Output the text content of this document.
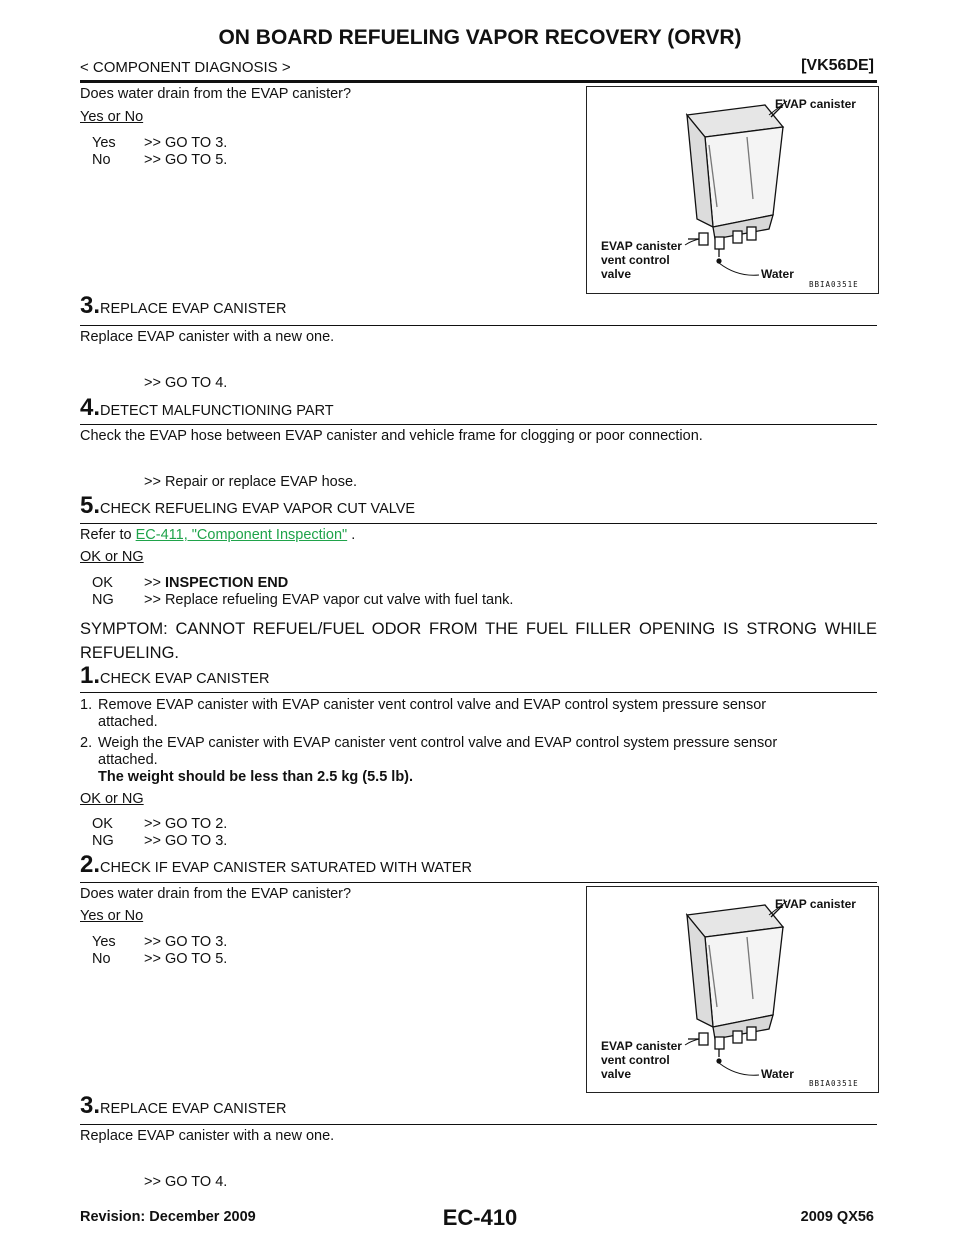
ON BOARD REFUELING VAPOR RECOVERY (ORVR)
< COMPONENT DIAGNOSIS >	[VK56DE]
Does water drain from the EVAP canister?
Yes or No
Yes >> GO TO 3.
No >> GO TO 5.
EVAP canister
EVAP canister
vent control
valve	Water
BBIA0351E
3.REPLACE EVAP CANISTER
Replace EVAP canister with a new one.
>> GO TO 4.
4.DETECT MALFUNCTIONING PART
Check the EVAP hose between EVAP canister and vehicle frame for clogging or poor connection.
>> Repair or replace EVAP hose.
5.CHECK REFUELING EVAP VAPOR CUT VALVE
Refer to EC-411, "Component Inspection" .
OK or NG
OK >> INSPECTION END
NG >> Replace refueling EVAP vapor cut valve with fuel tank.
SYMPTOM: CANNOT REFUEL/FUEL ODOR FROM THE FUEL FILLER OPENING IS STRONG WHILE REFUELING.
1.CHECK EVAP CANISTER
1. Remove EVAP canister with EVAP canister vent control valve and EVAP control system pressure sensor
attached.
2. Weigh the EVAP canister with EVAP canister vent control valve and EVAP control system pressure sensor
attached.
The weight should be less than 2.5 kg (5.5 lb).
OK or NG
OK >> GO TO 2.
NG >> GO TO 3.
2.CHECK IF EVAP CANISTER SATURATED WITH WATER
Does water drain from the EVAP canister?
Yes or No
Yes >> GO TO 3.
No >> GO TO 5.
EVAP canister
EVAP canister
vent control
valve	Water
BBIA0351E
3.REPLACE EVAP CANISTER
Replace EVAP canister with a new one.
>> GO TO 4.
EC-410
Revision: December 2009	2009 QX56
